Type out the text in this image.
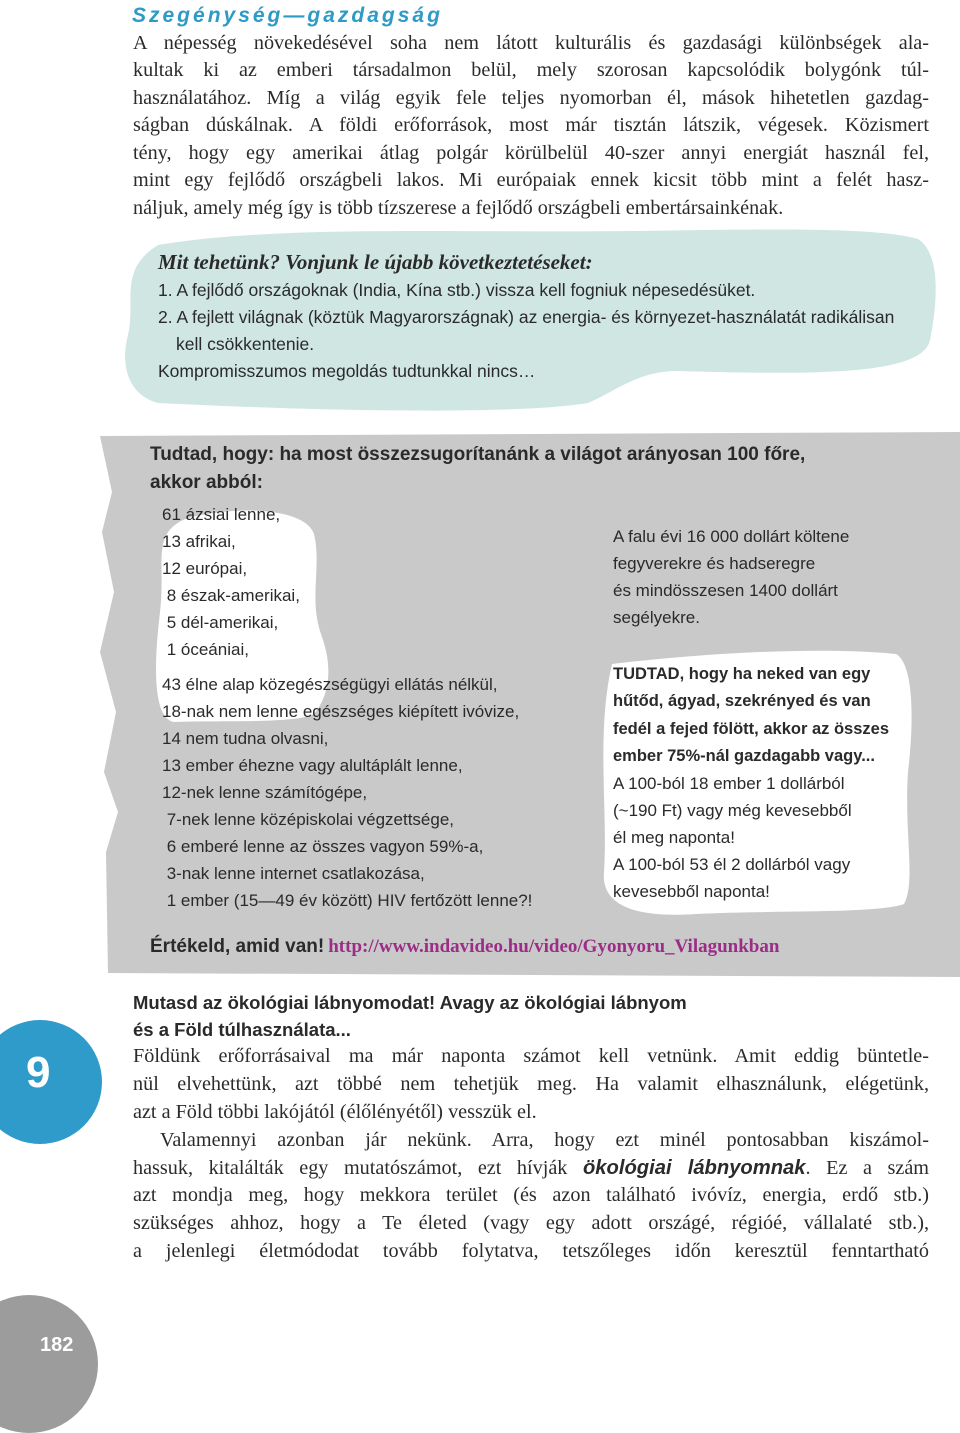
Szegénység—gazdagság
A népesség növekedésével soha nem látott kulturális és gazdasági különbségek ala-
kultak ki az emberi társadalmon belül, mely szorosan kapcsolódik bolygónk túl-
használatához. Míg a világ egyik fele teljes nyomorban él, mások hihetetlen gazdag-
ságban dúskálnak. A földi erőforrások, most már tisztán látszik, végesek. Közismert
tény, hogy egy amerikai átlag polgár körülbelül 40-szer annyi energiát használ fel,
mint egy fejlődő országbeli lakos. Mi európaiak ennek kicsit több mint a felét hasz-
náljuk, amely még így is több tízszerese a fejlődő országbeli embertársainkénak.
Mit tehetünk? Vonjunk le újabb következtetéseket:
1. A fejlődő országoknak (India, Kína stb.) vissza kell fogniuk népesedésüket.
2. A fejlett világnak (köztük Magyarországnak) az energia- és környezet-használatát radikálisan
kell csökkentenie.
Kompromisszumos megoldás tudtunkkal nincs…
Tudtad, hogy: ha most összezsugorítanánk a világot arányosan 100 főre,
akkor abból:
61 ázsiai lenne,
13 afrikai,
12 európai,
8 észak-amerikai,
5 dél-amerikai,
1 óceániai,
43 élne alap közegészségügyi ellátás nélkül,
18-nak nem lenne egészséges kiépített ivóvize,
14 nem tudna olvasni,
13 ember éhezne vagy alultáplált lenne,
12-nek lenne számítógépe,
7-nek lenne középiskolai végzettsége,
6 emberé lenne az összes vagyon 59%-a,
3-nak lenne internet csatlakozása,
1 ember (15—49 év között) HIV fertőzött lenne?!
A falu évi 16 000 dollárt költene
fegyverekre és hadseregre
és mindösszesen 1400 dollárt
segélyekre.
TUDTAD, hogy ha neked van egy
hűtőd, ágyad, szekrényed és van
fedél a fejed fölött, akkor az összes
ember 75%-nál gazdagabb vagy...
A 100-ból 18 ember 1 dollárból
(~190 Ft) vagy még kevesebből
él meg naponta!
A 100-ból 53 él 2 dollárból vagy
kevesebből naponta!
Értékeld, amid van! http://www.indavideo.hu/video/Gyonyoru_Vilagunkban
9
Mutasd az ökológiai lábnyomodat! Avagy az ökológiai lábnyom
és a Föld túlhasználata...
Földünk erőforrásaival ma már naponta számot kell vetnünk. Amit eddig büntetle-
nül elvehettünk, azt többé nem tehetjük meg. Ha valamit elhasználunk, elégetünk,
azt a Föld többi lakójától (élőlényétől) vesszük el.
Valamennyi azonban jár nekünk. Arra, hogy ezt minél pontosabban kiszámol-
hassuk, kitalálták egy mutatószámot, ezt hívják ökológiai lábnyomnak. Ez a szám
azt mondja meg, hogy mekkora terület (és azon található ivóvíz, energia, erdő stb.)
szükséges ahhoz, hogy a Te életed (vagy egy adott országé, régióé, vállalaté stb.),
a jelenlegi életmódodat tovább folytatva, tetszőleges időn keresztül fenntartható
182
